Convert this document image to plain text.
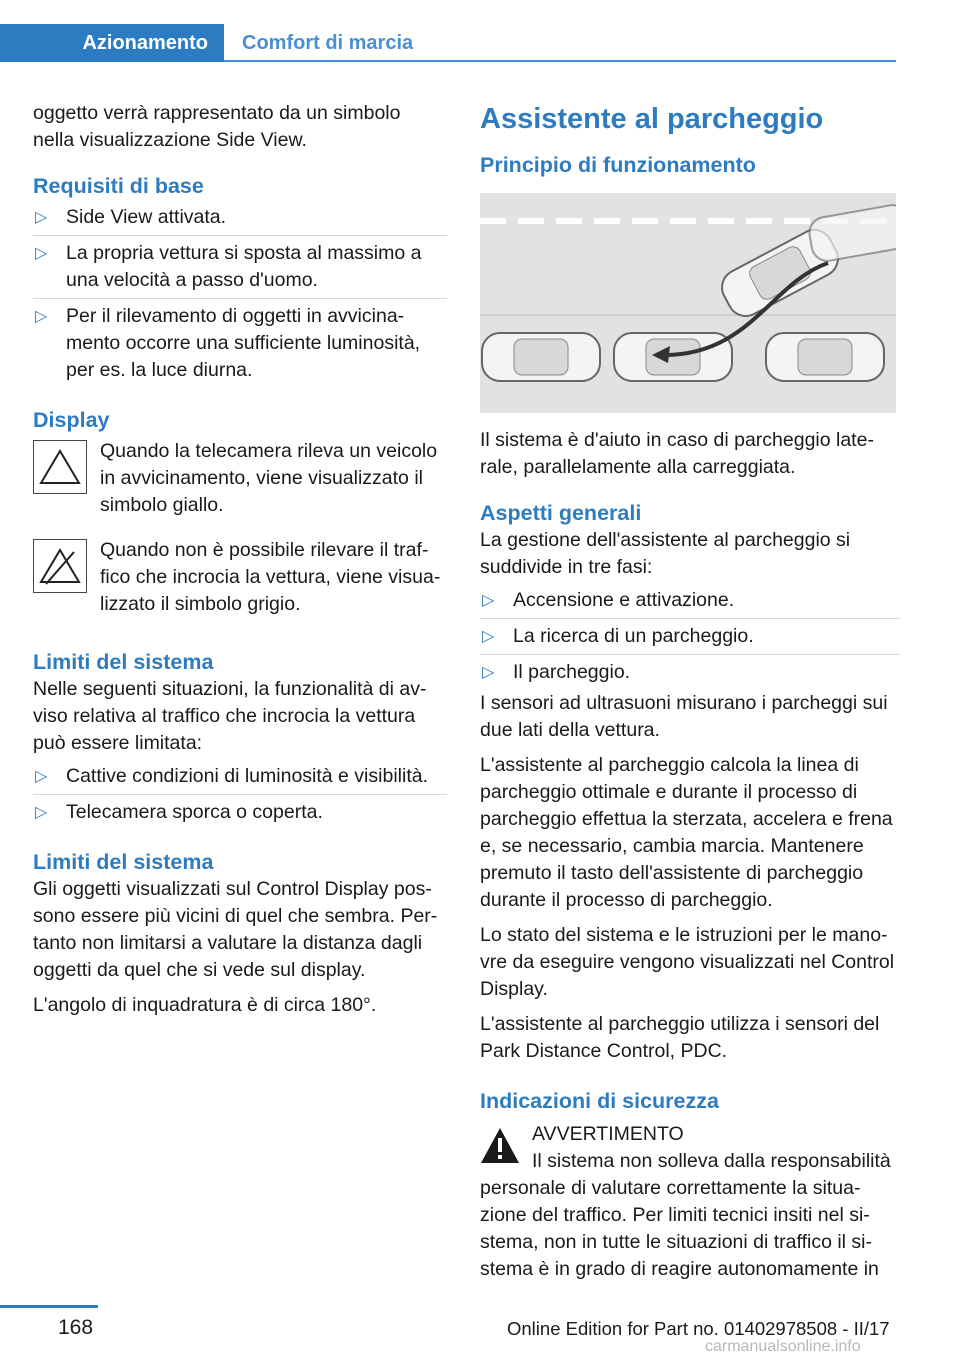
Azionamento	Comfort di marcia

oggetto verrà rappresentato da un simbolo nella visualizzazione Side View.

Requisiti di base
▷ Side View attivata.
▷ La propria vettura si sposta al massimo a una velocità a passo d'uomo.
▷ Per il rilevamento di oggetti in avvicinamento occorre una sufficiente luminosità, per es. la luce diurna.
Display
Quando la telecamera rileva un veicolo in avvicinamento, viene visualizzato il simbolo giallo.
Quando non è possibile rilevare il traffico che incrocia la vettura, viene visualizzato il simbolo grigio.
Limiti del sistema

Nelle seguenti situazioni, la funzionalità di avviso relativa al traffico che incrocia la vettura può essere limitata:

▷ Cattive condizioni di luminosità e visibilità.
▷ Telecamera sporca o coperta.
Limiti del sistema

Gli oggetti visualizzati sul Control Display possono essere più vicini di quel che sembra. Pertanto non limitarsi a valutare la distanza dagli oggetti da quel che si vede sul display.

L'angolo di inquadratura è di circa 180°.

Assistente al parcheggio
Principio di funzionamento

Il sistema è d'aiuto in caso di parcheggio laterale, parallelamente alla carreggiata.

Aspetti generali

La gestione dell'assistente al parcheggio si suddivide in tre fasi:

▷ Accensione e attivazione.
▷ La ricerca di un parcheggio.
▷ Il parcheggio.

I sensori ad ultrasuoni misurano i parcheggi sui due lati della vettura.

L'assistente al parcheggio calcola la linea di parcheggio ottimale e durante il processo di parcheggio effettua la sterzata, accelera e frena e, se necessario, cambia marcia. Mantenere premuto il tasto dell'assistente di parcheggio durante il processo di parcheggio.

Lo stato del sistema e le istruzioni per le manovre da eseguire vengono visualizzati nel Control Display.

L'assistente al parcheggio utilizza i sensori del Park Distance Control, PDC.

Indicazioni di sicurezza
AVVERTIMENTO
Il sistema non solleva dalla responsabilità

personale di valutare correttamente la situazione del traffico. Per limiti tecnici insiti nel sistema, non in tutte le situazioni di traffico il sistema è in grado di reagire autonomamente in

168	Online Edition for Part no. 01402978508 - II/17
carmanualsonline.info
